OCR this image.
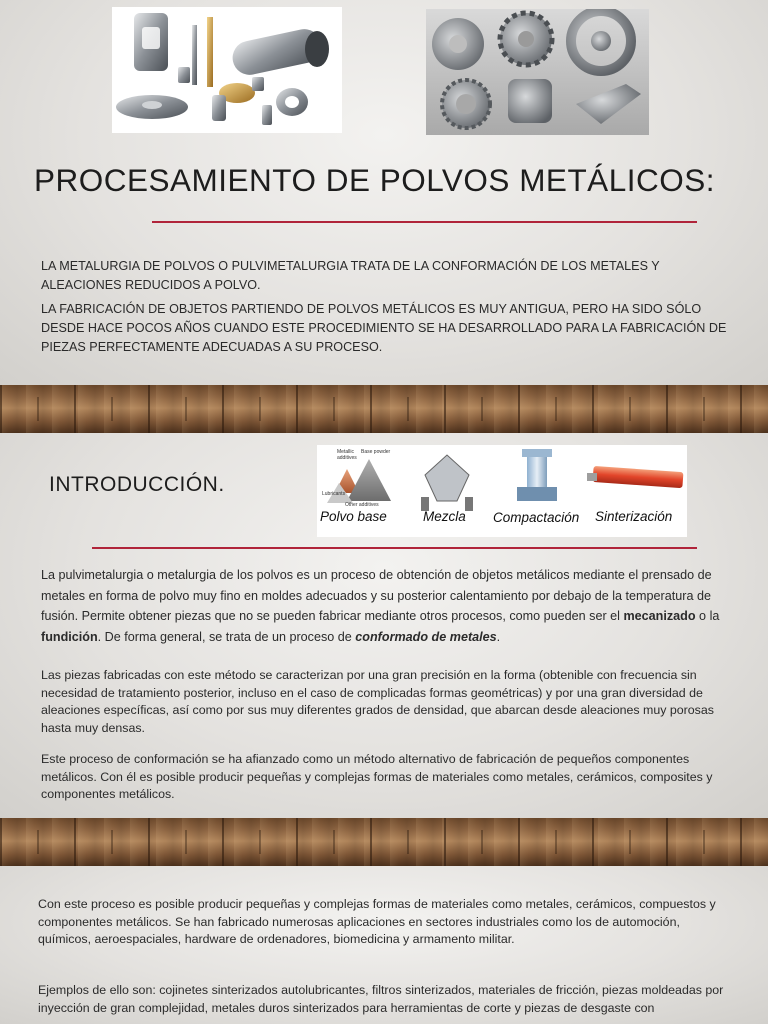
PROCESAMIENTO DE POLVOS METÁLICOS:

LA METALURGIA DE POLVOS O PULVIMETALURGIA TRATA DE LA CONFORMACIÓN DE LOS METALES Y ALEACIONES REDUCIDOS A POLVO.

LA FABRICACIÓN DE OBJETOS PARTIENDO DE POLVOS METÁLICOS ES MUY ANTIGUA, PERO HA SIDO SÓLO DESDE HACE POCOS AÑOS CUANDO ESTE PROCEDIMIENTO SE HA DESARROLLADO PARA LA FABRICACIÓN DE PIEZAS PERFECTAMENTE ADECUADAS A SU PROCESO.

INTRODUCCIÓN.
Metallic additives
Base powder
Lubricants
Other additives
Polvo base	Mezcla Compactación Sinterización

La pulvimetalurgia o metalurgia de los polvos es un proceso de obtención de objetos metálicos mediante el prensado de metales en forma de polvo muy fino en moldes adecuados y su posterior calentamiento por debajo de la temperatura de fusión. Permite obtener piezas que no se pueden fabricar mediante otros procesos, como pueden ser el mecanizado o la fundición. De forma general, se trata de un proceso de conformado de metales.

Las piezas fabricadas con este método se caracterizan por una gran precisión en la forma (obtenible con frecuencia sin necesidad de tratamiento posterior, incluso en el caso de complicadas formas geométricas) y por una gran diversidad de aleaciones específicas, así como por sus muy diferentes grados de densidad, que abarcan desde aleaciones muy porosas hasta muy densas.

Este proceso de conformación se ha afianzado como un método alternativo de fabricación de pequeños componentes metálicos. Con él es posible producir pequeñas y complejas formas de materiales como metales, cerámicos, composites y componentes metálicos.

Con este proceso es posible producir pequeñas y complejas formas de materiales como metales, cerámicos, compuestos y componentes metálicos. Se han fabricado numerosas aplicaciones en sectores industriales como los de automoción, químicos, aeroespaciales, hardware de ordenadores, biomedicina y armamento militar.

Ejemplos de ello son: cojinetes sinterizados autolubricantes, filtros sinterizados, materiales de fricción, piezas moldeadas por inyección de gran complejidad, metales duros sinterizados para herramientas de corte y piezas de desgaste con
